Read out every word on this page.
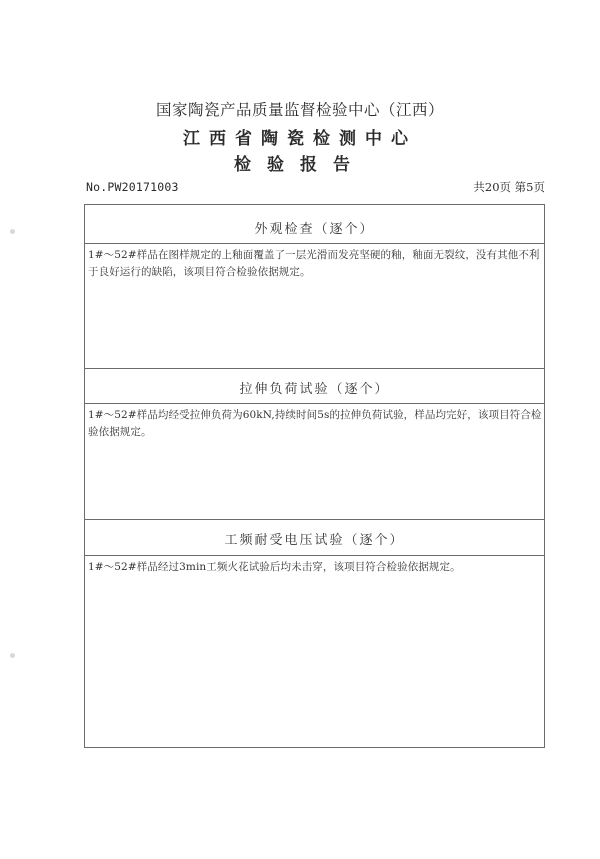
国家陶瓷产品质量监督检验中心（江西）
江西省陶瓷检测中心
检验报告
No.PW20171003	共20页 第5页
外观检查（逐个）
1#～52#样品在图样规定的上釉面覆盖了一层光滑而发亮坚硬的釉，釉面无裂纹，没有其他不利于良好运行的缺陷，该项目符合检验依据规定。
拉伸负荷试验（逐个）
1#～52#样品均经受拉伸负荷为60kN,持续时间5s的拉伸负荷试验，样品均完好，该项目符合检验依据规定。
工频耐受电压试验（逐个）
1#～52#样品经过3min工频火花试验后均未击穿，该项目符合检验依据规定。
